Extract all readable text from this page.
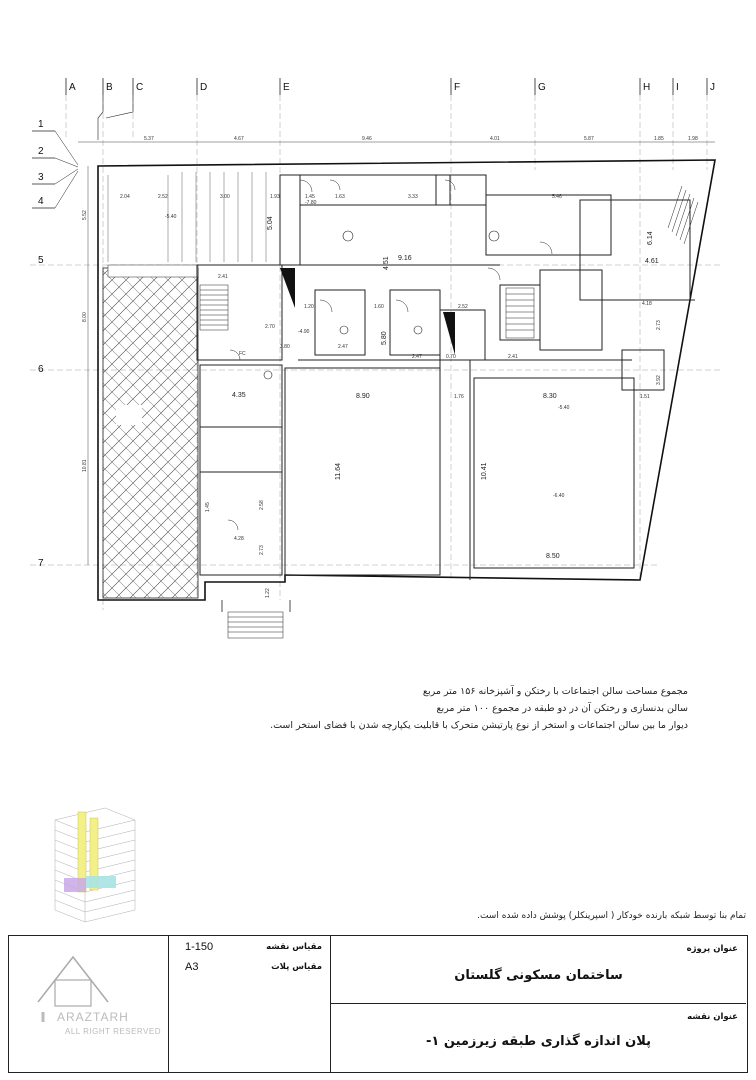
A	B C	D	E	F	G	H	I	J
1
2
3
4
5
6
7
5.37	4.67	9.46	4.01	5.87	1.85	1.98
5.52
8.00
10.81
2.04	2.52	3.00	1.93
5.04
1.45	1.63	3.33	5.46
4.51 9.16
6.14
4.61
4.18
2.73
2.41
2.70
3.80
1.20
2.47
1.60	2.52
5.80
2.47	0.70	2.41
4.35	8.90	1.76	8.30	1.51
11.64	10.41
4.28
8.50
1.22
3.92
2.58
2.73
1.45
-5.40
-4.90
-5.40
-6.40
-7.80
FC
مجموع مساحت سالن اجتماعات با رختکن و آشپزخانه ۱۵۶ متر مربع
سالن بدنسازی و رختکن آن در دو طبقه در مجموع ۱۰۰ متر مربع
دیوار ما بین سالن اجتماعات و استخر از نوع پارتیشن متحرک با قابلیت یکپارچه شدن با فضای استخر است.
تمام بنا توسط شبکه بارنده خودکار ( اسپرینکلر) پوشش داده شده است.
ARAZTARH
ALL RIGHT RESERVED
مقیاس نقشه
1-150
مقیاس پلات
A3
عنوان پروژه
ساختمان مسکونی گلستان
عنوان نقشه
پلان اندازه گذاری طبقه زیرزمین ۱-
